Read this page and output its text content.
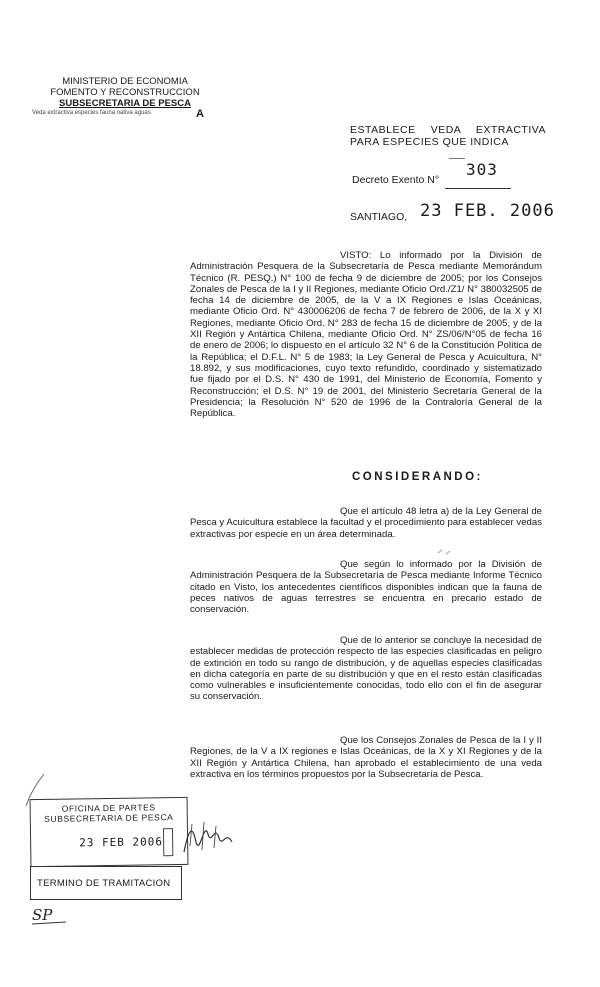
MINISTERIO DE ECONOMIA
FOMENTO Y RECONSTRUCCION
SUBSECRETARIA DE PESCA
Veda extractiva especies fauna nativa aguas	A
ESTABLECE VEDA EXTRACTIVA
PARA ESPECIES QUE INDICA
Decreto Exento N°
303
SANTIAGO, 23 FEB. 2006

VISTO: Lo informado por la División de Administración Pesquera de la Subsecretaría de Pesca mediante Memorándum Técnico (R. PESQ.) N° 100 de fecha 9 de diciembre de 2005; por los Consejos Zonales de Pesca de la I y II Regiones, mediante Oficio Ord./Z1/ N° 380032505 de fecha 14 de diciembre de 2005, de la V a IX Regiones e Islas Oceánicas, mediante Oficio Ord. N° 430006206 de fecha 7 de febrero de 2006, de la X y XI Regiones, mediante Oficio Ord. N° 283 de fecha 15 de diciembre de 2005, y de la XII Región y Antártica Chilena, mediante Oficio Ord. N° ZS/06/N°05 de fecha 16 de enero de 2006; lo dispuesto en el artículo 32 N° 6 de la Constitución Política de la República; el D.F.L. N° 5 de 1983; la Ley General de Pesca y Acuicultura, N° 18.892, y sus modificaciones, cuyo texto refundido, coordinado y sistematizado fue fijado por el D.S. N° 430 de 1991, del Ministerio de Economía, Fomento y Reconstrucción; el D.S. N° 19 de 2001, del Ministerio Secretaría General de la Presidencia; la Resolución N° 520 de 1996 de la Contraloría General de la República.

CONSIDERANDO:

Que el artículo 48 letra a) de la Ley General de Pesca y Acuicultura establece la facultad y el procedimiento para establecer vedas extractivas por especie en un área determinada.

Que según lo informado por la División de Administración Pesquera de la Subsecretaría de Pesca mediante Informe Técnico citado en Visto, los antecedentes científicos disponibles indican que la fauna de peces nativos de aguas terrestres se encuentra en precario estado de conservación.

Que de lo anterior se concluye la necesidad de establecer medidas de protección respecto de las especies clasificadas en peligro de extinción en todo su rango de distribución, y de aquellas especies clasificadas en dicha categoría en parte de su distribución y que en el resto están clasificadas como vulnerables e insuficientemente conocidas, todo ello con el fin de asegurar su conservación.

Que los Consejos Zonales de Pesca de la I y II Regiones, de la V a IX regiones e Islas Oceánicas, de la X y XI Regiones y de la XII Región y Antártica Chilena, han aprobado el establecimiento de una veda extractiva en los términos propuestos por la Subsecretaría de Pesca.

OFICINA DE PARTES
SUBSECRETARIA DE PESCA
23 FEB 2006
TERMINO DE TRAMITACION
SP
